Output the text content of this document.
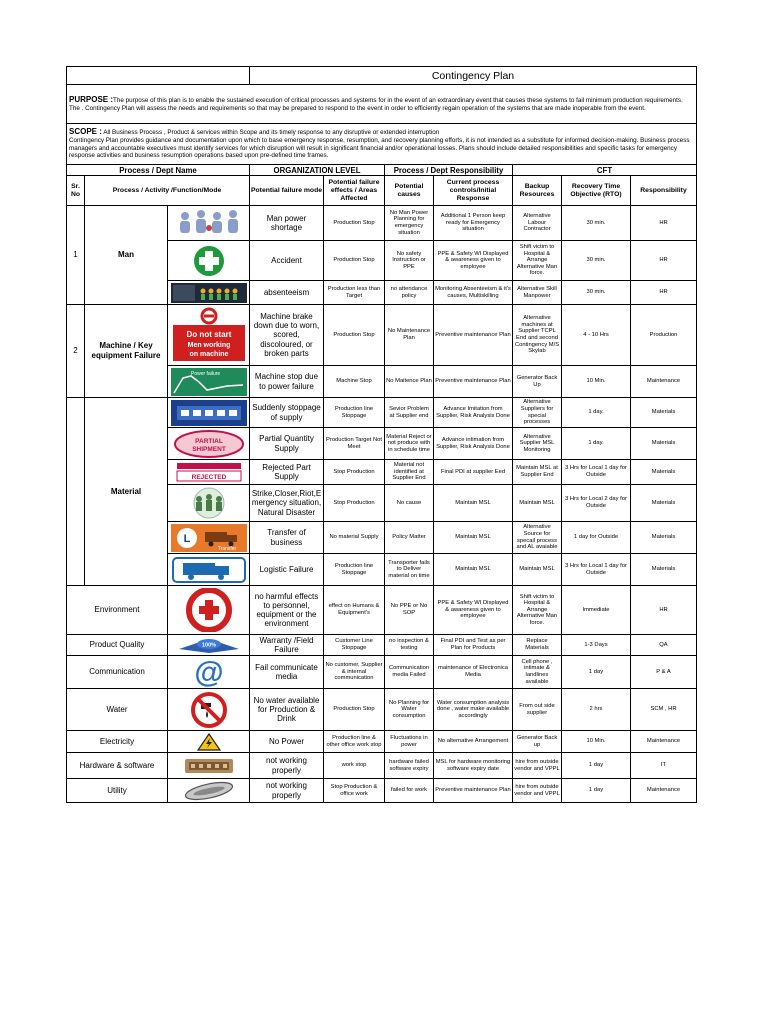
			Contingency Plan						
PURPOSE :The purpose of this plan is to enable the sustained execution of critical processes and systems for in the event of an extraordinary event that causes these systems to fail minimum production requirements. The . Contingency Plan will assess the needs and requirements so that may be prepared to respond to the event in order to efficiently regain operation of the systems that are made inoperable from the event.									
SCOPE : All Business Process , Product & services within Scope and its timely response to any disruptive or extended interruption
Contingency Plan provides guidance and documentation upon which to base emergency response, resumption, and recovery planning efforts, it is not intended as a substitute for informed decision-making. Business process managers and accountable executives must identify services for which disruption will result in significant financial and/or operational losses. Plans should include detailed responsibilities and specific tasks for emergency response activities and business resumption operations based upon pre-defined time frames.									
Process / Dept Name			ORGANIZATION LEVEL		Process / Dept Responsibility		CFT		
Sr. No	Process / Activity /Function/Mode		Potential failure mode	Potential failure effects / Areas Affected	Potential causes	Current process controls/Initial Response	Backup Resources	Recovery Time Objective (RTO)	Responsibility
1	Man		Man power shortage	Production Stop	No Man Power Planning for emergency situation	Additional 1 Person keep ready for Emergency situation	Alternative Labour Contractor	30 min.	HR

	Accident	Production Stop	No safety Instruction or PPE	PPE & Safety WI Displayed & awareness given to employee	Shift victim to Hospital & Arrange Alternative Man force.	30 min.	HR

	absenteeism	Production less than Target	no attendance policy	Monitoring Absenteeism & it's causes, Multiskilling	Alternative Skill Manpower	30 min.	HR
2	Machine / Key equipment Failure	Do not start
Men working
on machine	Machine brake down due to worn, scored, discoloured, or broken parts	Production Stop	No Maintenance Plan	Preventive maintenance Plan	Alternative machines at Supplier TCPL End and second Contingency M/S Skylab	4 - 10 Hrs	Production

Power failure	Machine stop due to power failure	Machine Stop	No Maitence Plan	Preventive maintenance Plan	Generator Back Up	10 Min.	Maintenance
	Material		Suddenly stoppage of supply	Production line Stoppage	Sevior Problem at Supplier end	Advance Imitation from Supplier, Risk Analysis Done	Alternative Suppliers for special processes	1 day.	Materials

PARTIAL
SHIPMENT	Partial Quantity Supply	Production Target Not Meet	Material Reject or not produce with in schedule time	Advance intimation from Supplier, Risk Analysis Done	Alternative Supplier MSL Monitoring	1 day.	Materials

REJECTED	Rejected Part Supply	Stop Production	Material not identified at Supplier End	Final PDI at supplier Eed	Maintain MSL at Supplier End	3 Hrs for Local 1 day for Outside	Materials

	Strike,Closer,Riot,E mergency situation, Natural Disaster	Stop Production	No cause	Maintain MSL	Maintain MSL	3 Hrs for Local 2 day for Outside	Materials

L
Transfer	Transfer of business	No material Supply	Policy Matter	Maintain MSL	Alternative Source for specail process and AL avaiable	1 day for Outside	Materials

	Logistic Failure	Production line Stoppage	Transporter fails to Deliver material on time	Maintain MSL	Maintain MSL	3 Hrs for Local 1 day for Outside	Materials
Environment			no harmful effects to personnel, equipment or the environment	effect on Humans & Equipment's	No PPE or No SOP	PPE & Safety WI Displayed & awareness given to employee	Shift victim to Hospital & Arrange Alternative Man force.	Immediate	HR
Product Quality		100%	Warranty /Field Failure	Customer Line Stoppage	no inspection & testing	Final PDI and Test as per Plan for Products	Replace Materials	1-3 Days	QA
Communication		@	Fail communicate media	No customer, Supplier & internal communication	Communication media Failed	maintenance of Electronica Media	Cell phone , intimate & landlines available	1 day	P & A
Water			No water available for Production & Drink	Production Stop	No Planning for Water consumption	Water consumption analysis done , water make available accordingly	From out side supplier	2 hrs	SCM , HR
Electricity			No Power	Production line & other office work stop	Fluctuations in power	No alternative Arrangement	Generator Back up	10 Min.	Maintenance
Hardware & software			not working properly	work stop	hardware failed software expiry	MSL for hardware monitoring software expiry date	hire from outside vendor and VPPL	1 day	IT
Utility			not working properly	Stop Production & office work	failed for work	Preventive maintenance Plan	hire from outside vendor and VPPL	1 day	Maintenance
